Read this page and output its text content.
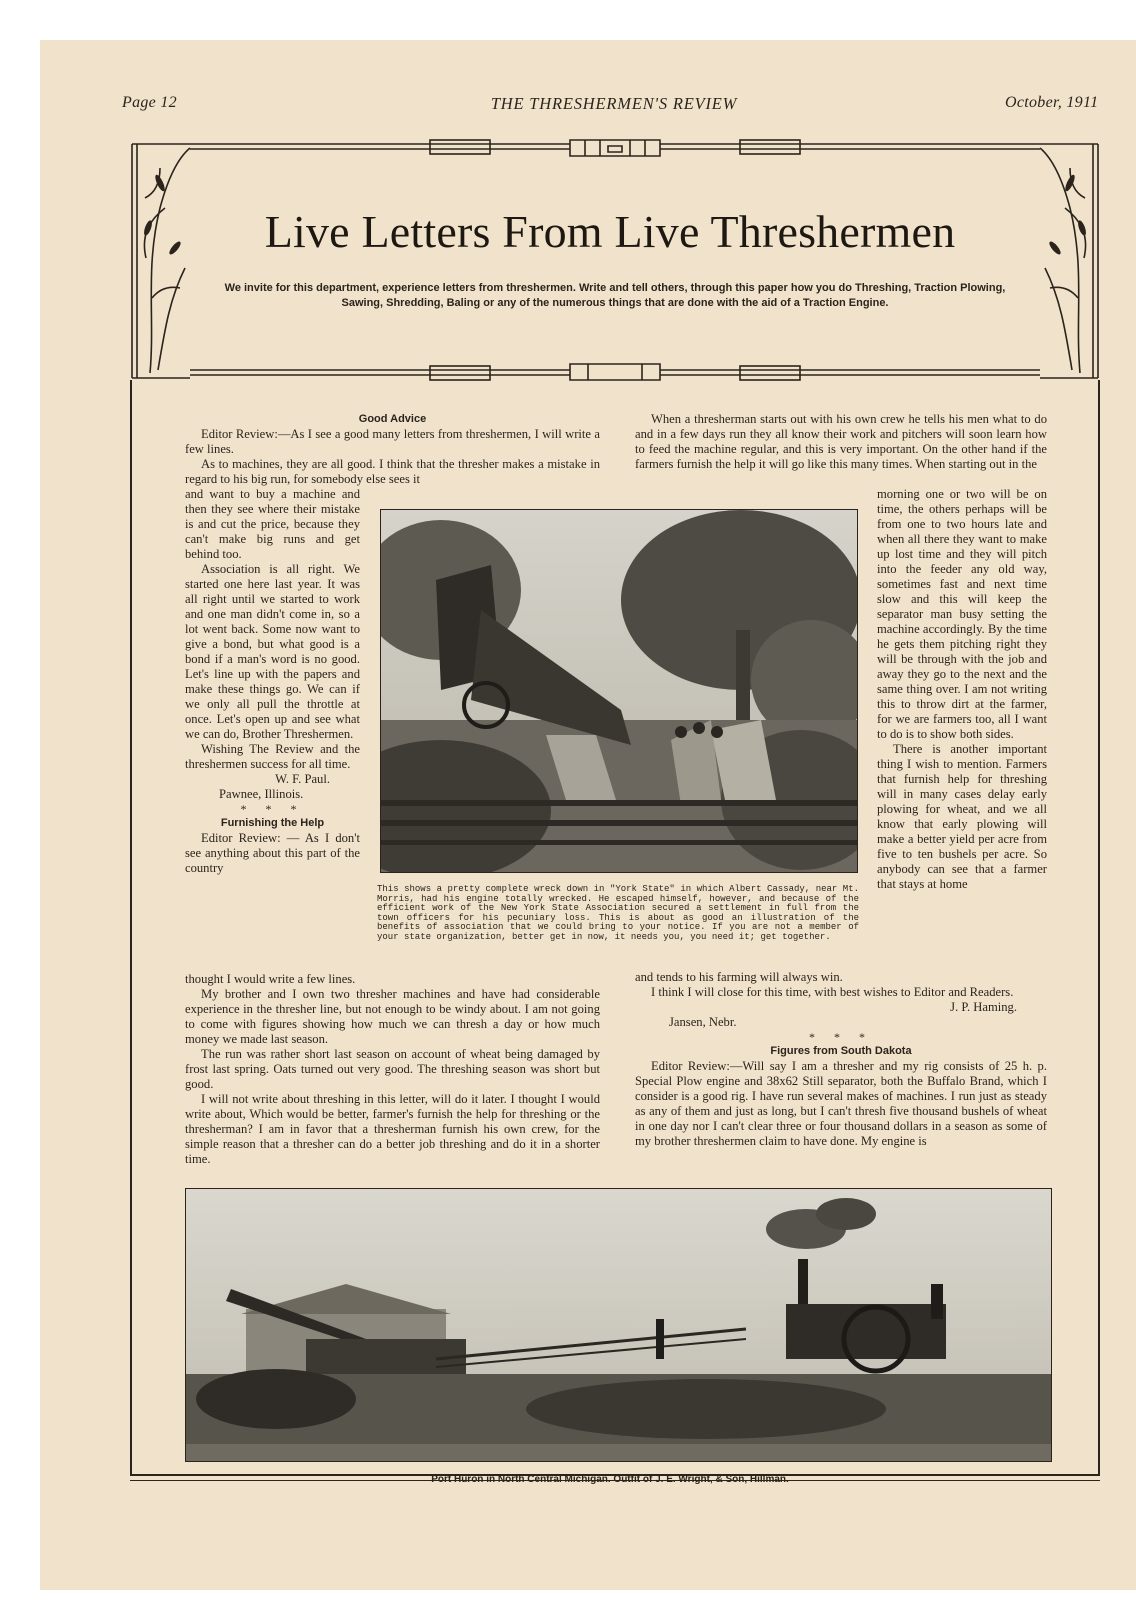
Page 12	THE THRESHERMEN'S REVIEW	October, 1911
Live Letters From Live Threshermen
We invite for this department, experience letters from threshermen. Write and tell others, through this paper how you do Threshing, Traction Plowing, Sawing, Shredding, Baling or any of the numerous things that are done with the aid of a Traction Engine.
Good Advice

Editor Review:—As I see a good many letters from threshermen, I will write a few lines.

As to machines, they are all good. I think that the thresher makes a mistake in regard to his big run, for somebody else sees it

and want to buy a machine and then they see where their mistake is and cut the price, because they can't make big runs and get behind too.

Association is all right. We started one here last year. It was all right until we started to work and one man didn't come in, so a lot went back. Some now want to give a bond, but what good is a bond if a man's word is no good. Let's line up with the papers and make these things go. We can if we only all pull the throttle at once. Let's open up and see what we can do, Brother Threshermen.

Wishing The Review and the threshermen success for all time.

W. F. Paul.

Pawnee, Illinois.

* * *
Furnishing the Help

Editor Review: — As I don't see anything about this part of the country

thought I would write a few lines.

My brother and I own two thresher machines and have had considerable experience in the thresher line, but not enough to be windy about. I am not going to come with figures showing how much we can thresh a day or how much money we made last season.

The run was rather short last season on account of wheat being damaged by frost last spring. Oats turned out very good. The threshing season was short but good.

I will not write about threshing in this letter, will do it later. I thought I would write about, Which would be better, farmer's furnish the help for threshing or the thresherman? I am in favor that a thresherman furnish his own crew, for the simple reason that a thresher can do a better job threshing and do it in a shorter time.

When a thresherman starts out with his own crew he tells his men what to do and in a few days run they all know their work and pitchers will soon learn how to feed the machine regular, and this is very important. On the other hand if the farmers furnish the help it will go like this many times. When starting out in the

morning one or two will be on time, the others perhaps will be from one to two hours late and when all there they want to make up lost time and they will pitch into the feeder any old way, sometimes fast and next time slow and this will keep the separator man busy setting the machine accordingly. By the time he gets them pitching right they will be through with the job and away they go to the next and the same thing over. I am not writing this to throw dirt at the farmer, for we are farmers too, all I want to do is to show both sides.

There is another important thing I wish to mention. Farmers that furnish help for threshing will in many cases delay early plowing for wheat, and we all know that early plowing will make a better yield per acre from five to ten bushels per acre. So anybody can see that a farmer that stays at home

and tends to his farming will always win.

I think I will close for this time, with best wishes to Editor and Readers.

J. P. Haming.

Jansen, Nebr.

* * *
Figures from South Dakota

Editor Review:—Will say I am a thresher and my rig consists of 25 h. p. Special Plow engine and 38x62 Still separator, both the Buffalo Brand, which I consider is a good rig. I have run several makes of machines. I run just as steady as any of them and just as long, but I can't thresh five thousand bushels of wheat in one day nor I can't clear three or four thousand dollars in a season as some of my brother threshermen claim to have done. My engine is

This shows a pretty complete wreck down in "York State" in which Albert Cassady, near Mt. Morris, had his engine totally wrecked. He escaped himself, however, and because of the efficient work of the New York State Association secured a settlement in full from the town officers for his pecuniary loss. This is about as good an illustration of the benefits of association that we could bring to your notice. If you are not a member of your state organization, better get in now, it needs you, you need it; get together.
Port Huron in North Central Michigan. Outfit of J. E. Wright, & Son, Hillman.
